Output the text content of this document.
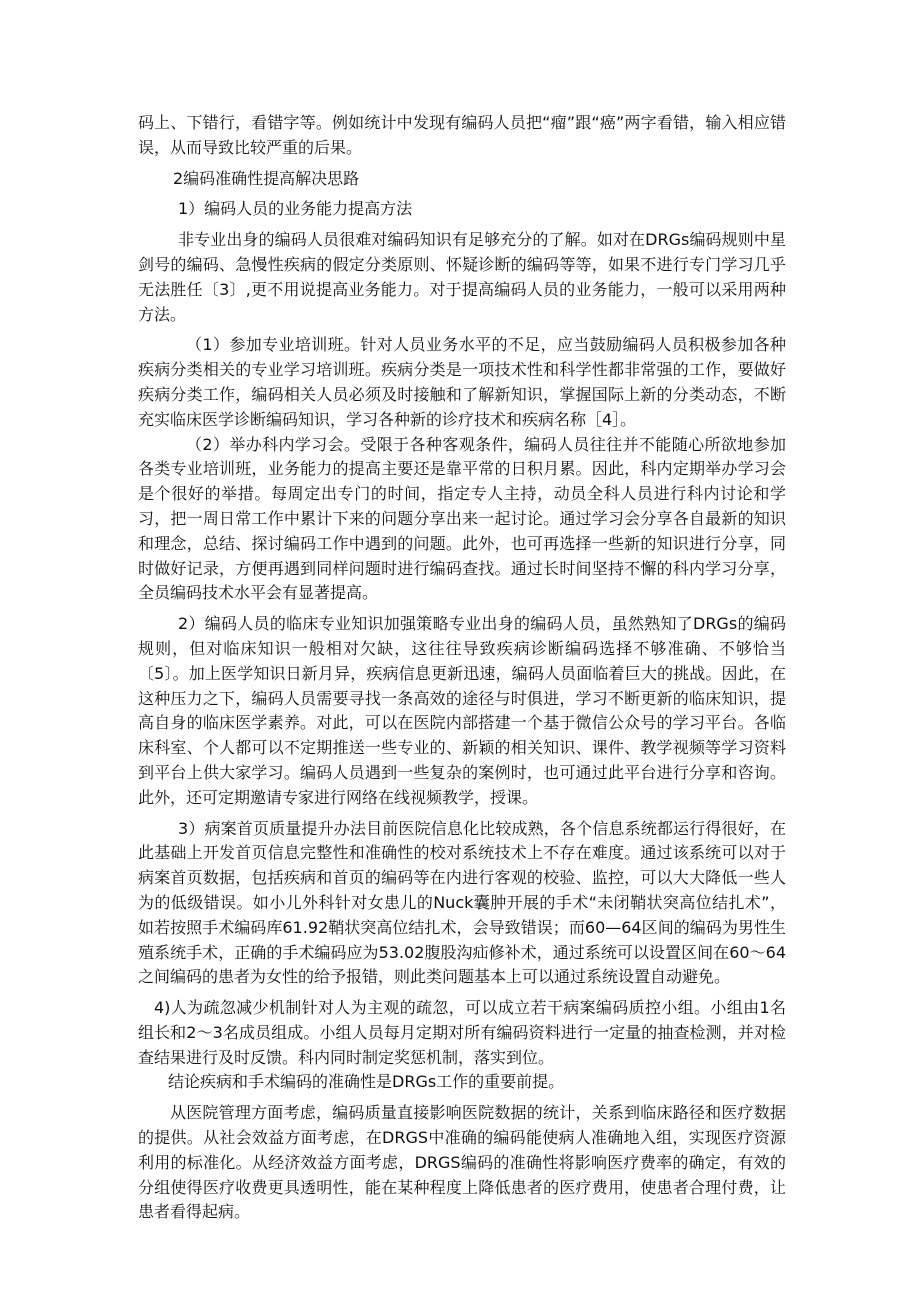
码上、下错行，看错字等。例如统计中发现有编码人员把“瘤”跟“癌”两字看错，输入相应错误，从而导致比较严重的后果。

2编码准确性提高解决思路

1）编码人员的业务能力提高方法

非专业出身的编码人员很难对编码知识有足够充分的了解。如对在DRGs编码规则中星剑号的编码、急慢性疾病的假定分类原则、怀疑诊断的编码等等，如果不进行专门学习几乎无法胜任〔3〕,更不用说提高业务能力。对于提高编码人员的业务能力，一般可以采用两种方法。

（1）参加专业培训班。针对人员业务水平的不足，应当鼓励编码人员积极参加各种疾病分类相关的专业学习培训班。疾病分类是一项技术性和科学性都非常强的工作，要做好疾病分类工作，编码相关人员必须及时接触和了解新知识，掌握国际上新的分类动态，不断充实临床医学诊断编码知识，学习各种新的诊疗技术和疾病名称［4］。

（2）举办科内学习会。受限于各种客观条件，编码人员往往并不能随心所欲地参加各类专业培训班，业务能力的提高主要还是靠平常的日积月累。因此，科内定期举办学习会是个很好的举措。每周定出专门的时间，指定专人主持，动员全科人员进行科内讨论和学习，把一周日常工作中累计下来的问题分享出来一起讨论。通过学习会分享各自最新的知识和理念，总结、探讨编码工作中遇到的问题。此外，也可再选择一些新的知识进行分享，同时做好记录，方便再遇到同样问题时进行编码查找。通过长时间坚持不懈的科内学习分享，全员编码技术水平会有显著提高。

2）编码人员的临床专业知识加强策略专业出身的编码人员，虽然熟知了DRGs的编码规则，但对临床知识一般相对欠缺，这往往导致疾病诊断编码选择不够准确、不够恰当〔5〕。加上医学知识日新月异，疾病信息更新迅速，编码人员面临着巨大的挑战。因此，在这种压力之下，编码人员需要寻找一条高效的途径与时俱进，学习不断更新的临床知识，提高自身的临床医学素养。对此，可以在医院内部搭建一个基于微信公众号的学习平台。各临床科室、个人都可以不定期推送一些专业的、新颖的相关知识、课件、教学视频等学习资料到平台上供大家学习。编码人员遇到一些复杂的案例时，也可通过此平台进行分享和咨询。此外，还可定期邀请专家进行网络在线视频教学，授课。

3）病案首页质量提升办法目前医院信息化比较成熟，各个信息系统都运行得很好，在此基础上开发首页信息完整性和准确性的校对系统技术上不存在难度。通过该系统可以对于病案首页数据，包括疾病和首页的编码等在内进行客观的校验、监控，可以大大降低一些人为的低级错误。如小儿外科针对女患儿的Nuck囊肿开展的手术“未闭鞘状突高位结扎术”，如若按照手术编码库61.92鞘状突高位结扎术，会导致错误；而60—64区间的编码为男性生殖系统手术，正确的手术编码应为53.02腹股沟疝修补术，通过系统可以设置区间在60～64之间编码的患者为女性的给予报错，则此类问题基本上可以通过系统设置自动避免。

4)人为疏忽减少机制针对人为主观的疏忽，可以成立若干病案编码质控小组。小组由1名组长和2～3名成员组成。小组人员每月定期对所有编码资料进行一定量的抽查检测，并对检查结果进行及时反馈。科内同时制定奖惩机制，落实到位。

结论疾病和手术编码的准确性是DRGs工作的重要前提。

从医院管理方面考虑，编码质量直接影响医院数据的统计，关系到临床路径和医疗数据的提供。从社会效益方面考虑，在DRGS中准确的编码能使病人准确地入组，实现医疗资源利用的标准化。从经济效益方面考虑，DRGS编码的准确性将影响医疗费率的确定，有效的分组使得医疗收费更具透明性，能在某种程度上降低患者的医疗费用，使患者合理付费，让患者看得起病。
